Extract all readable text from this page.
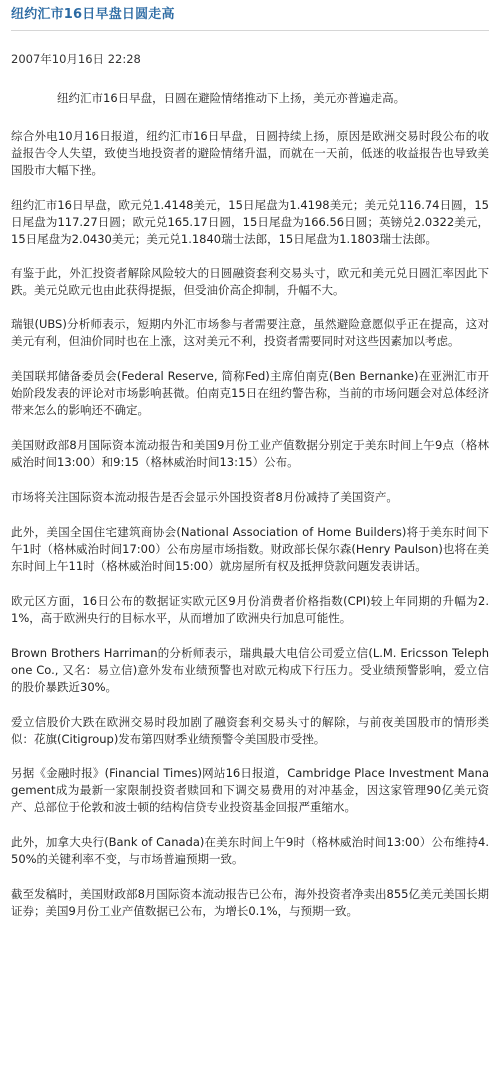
纽约汇市16日早盘日圆走高
2007年10月16日 22:28

纽约汇市16日早盘，日圆在避险情绪推动下上扬，美元亦普遍走高。

综合外电10月16日报道，纽约汇市16日早盘，日圆持续上扬，原因是欧洲交易时段公布的收益报告令人失望，致使当地投资者的避险情绪升温，而就在一天前，低迷的收益报告也导致美国股市大幅下挫。

纽约汇市16日早盘，欧元兑1.4148美元，15日尾盘为1.4198美元；美元兑116.74日圆，15日尾盘为117.27日圆；欧元兑165.17日圆，15日尾盘为166.56日圆；英镑兑2.0322美元，15日尾盘为2.0430美元；美元兑1.1840瑞士法郎，15日尾盘为1.1803瑞士法郎。

有鉴于此，外汇投资者解除风险较大的日圆融资套利交易头寸，欧元和美元兑日圆汇率因此下跌。美元兑欧元也由此获得提振，但受油价高企抑制，升幅不大。

瑞银(UBS)分析师表示，短期内外汇市场参与者需要注意，虽然避险意愿似乎正在提高，这对美元有利，但油价同时也在上涨，这对美元不利，投资者需要同时对这些因素加以考虑。

美国联邦储备委员会(Federal Reserve, 简称Fed)主席伯南克(Ben Bernanke)在亚洲汇市开始阶段发表的评论对市场影响甚微。伯南克15日在纽约警告称，当前的市场问题会对总体经济带来怎么的影响还不确定。

美国财政部8月国际资本流动报告和美国9月份工业产值数据分别定于美东时间上午9点（格林威治时间13:00）和9:15（格林威治时间13:15）公布。

市场将关注国际资本流动报告是否会显示外国投资者8月份减持了美国资产。

此外，美国全国住宅建筑商协会(National Association of Home Builders)将于美东时间下午1时（格林威治时间17:00）公布房屋市场指数。财政部长保尔森(Henry Paulson)也将在美东时间上午11时（格林威治时间15:00）就房屋所有权及抵押贷款问题发表讲话。

欧元区方面，16日公布的数据证实欧元区9月份消费者价格指数(CPI)较上年同期的升幅为2.1%，高于欧洲央行的目标水平，从而增加了欧洲央行加息可能性。

Brown Brothers Harriman的分析师表示，瑞典最大电信公司爱立信(L.M. Ericsson Telephone Co., 又名：易立信)意外发布业绩预警也对欧元构成下行压力。受业绩预警影响，爱立信的股价暴跌近30%。

爱立信股价大跌在欧洲交易时段加剧了融资套利交易头寸的解除，与前夜美国股市的情形类似：花旗(Citigroup)发布第四财季业绩预警令美国股市受挫。

另据《金融时报》(Financial Times)网站16日报道，Cambridge Place Investment Management成为最新一家限制投资者赎回和下调交易费用的对冲基金，因这家管理90亿美元资产、总部位于伦敦和波士顿的结构信贷专业投资基金回报严重缩水。

此外，加拿大央行(Bank of Canada)在美东时间上午9时（格林威治时间13:00）公布维持4.50%的关键利率不变，与市场普遍预期一致。

截至发稿时，美国财政部8月国际资本流动报告已公布，海外投资者净卖出855亿美元美国长期证券；美国9月份工业产值数据已公布，为增长0.1%，与预期一致。
